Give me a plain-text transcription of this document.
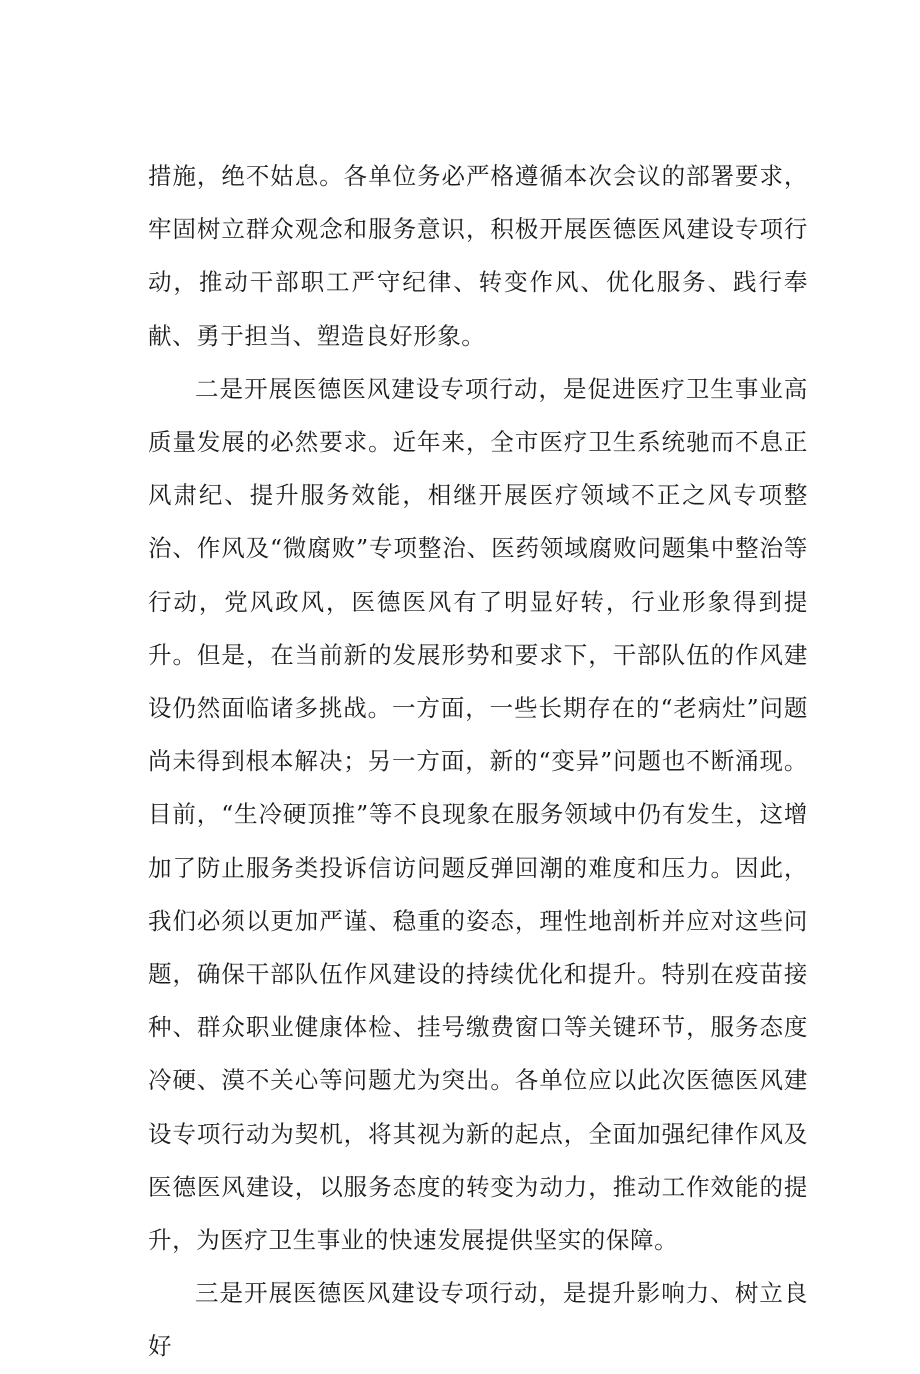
措施，绝不姑息。各单位务必严格遵循本次会议的部署要求，牢固树立群众观念和服务意识，积极开展医德医风建设专项行动，推动干部职工严守纪律、转变作风、优化服务、践行奉献、勇于担当、塑造良好形象。

二是开展医德医风建设专项行动，是促进医疗卫生事业高质量发展的必然要求。近年来，全市医疗卫生系统驰而不息正风肃纪、提升服务效能，相继开展医疗领域不正之风专项整治、作风及“微腐败”专项整治、医药领域腐败问题集中整治等行动，党风政风，医德医风有了明显好转，行业形象得到提升。但是，在当前新的发展形势和要求下，干部队伍的作风建设仍然面临诸多挑战。一方面，一些长期存在的“老病灶”问题尚未得到根本解决；另一方面，新的“变异”问题也不断涌现。目前，“生冷硬顶推”等不良现象在服务领域中仍有发生，这增加了防止服务类投诉信访问题反弹回潮的难度和压力。因此，我们必须以更加严谨、稳重的姿态，理性地剖析并应对这些问题，确保干部队伍作风建设的持续优化和提升。特别在疫苗接种、群众职业健康体检、挂号缴费窗口等关键环节，服务态度冷硬、漠不关心等问题尤为突出。各单位应以此次医德医风建设专项行动为契机，将其视为新的起点，全面加强纪律作风及医德医风建设，以服务态度的转变为动力，推动工作效能的提升，为医疗卫生事业的快速发展提供坚实的保障。

三是开展医德医风建设专项行动，是提升影响力、树立良好
